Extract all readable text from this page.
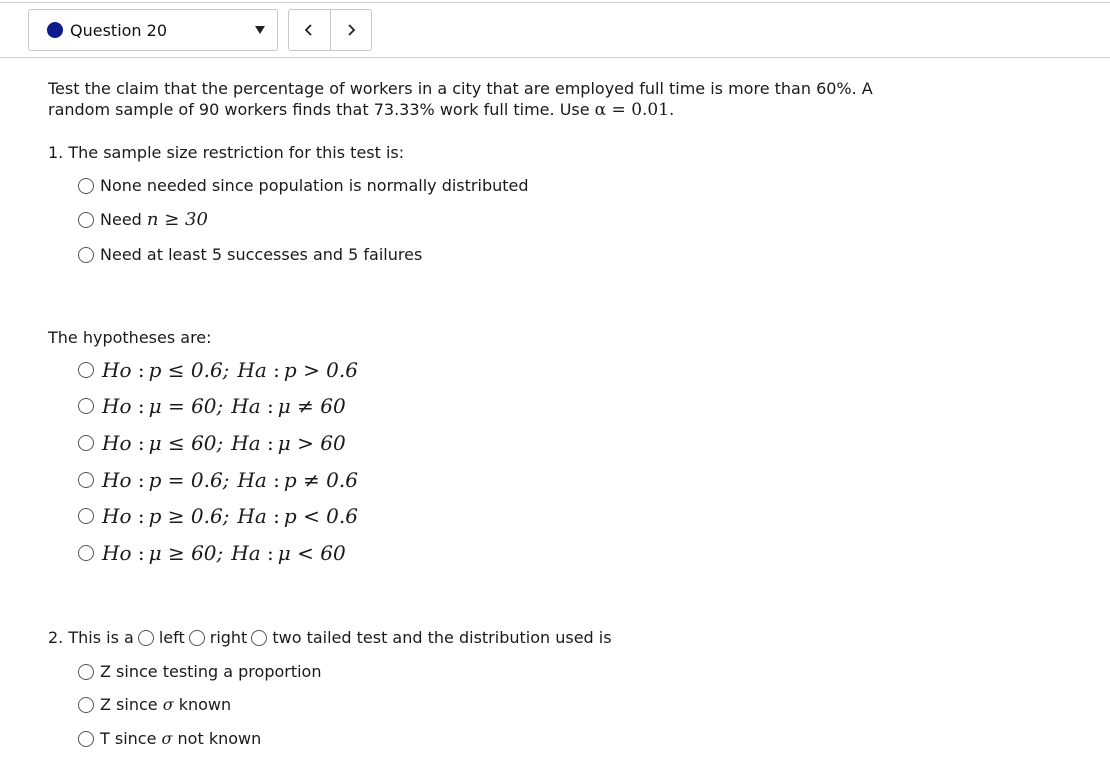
Question 20
Test the claim that the percentage of workers in a city that are employed full time is more than 60%. A
random sample of 90 workers finds that 73.33% work full time. Use α = 0.01.
1. The sample size restriction for this test is:
None needed since population is normally distributed
Need n ≥ 30
Need at least 5 successes and 5 failures
The hypotheses are:
Ho : p ≤ 0.6; Ha : p > 0.6
Ho : μ = 60; Ha : μ ≠ 60
Ho : μ ≤ 60; Ha : μ > 60
Ho : p = 0.6; Ha : p ≠ 0.6
Ho : p ≥ 0.6; Ha : p < 0.6
Ho : μ ≥ 60; Ha : μ < 60
2. This is a left right two tailed test and the distribution used is
Z since testing a proportion
Z since σ known
T since σ not known
